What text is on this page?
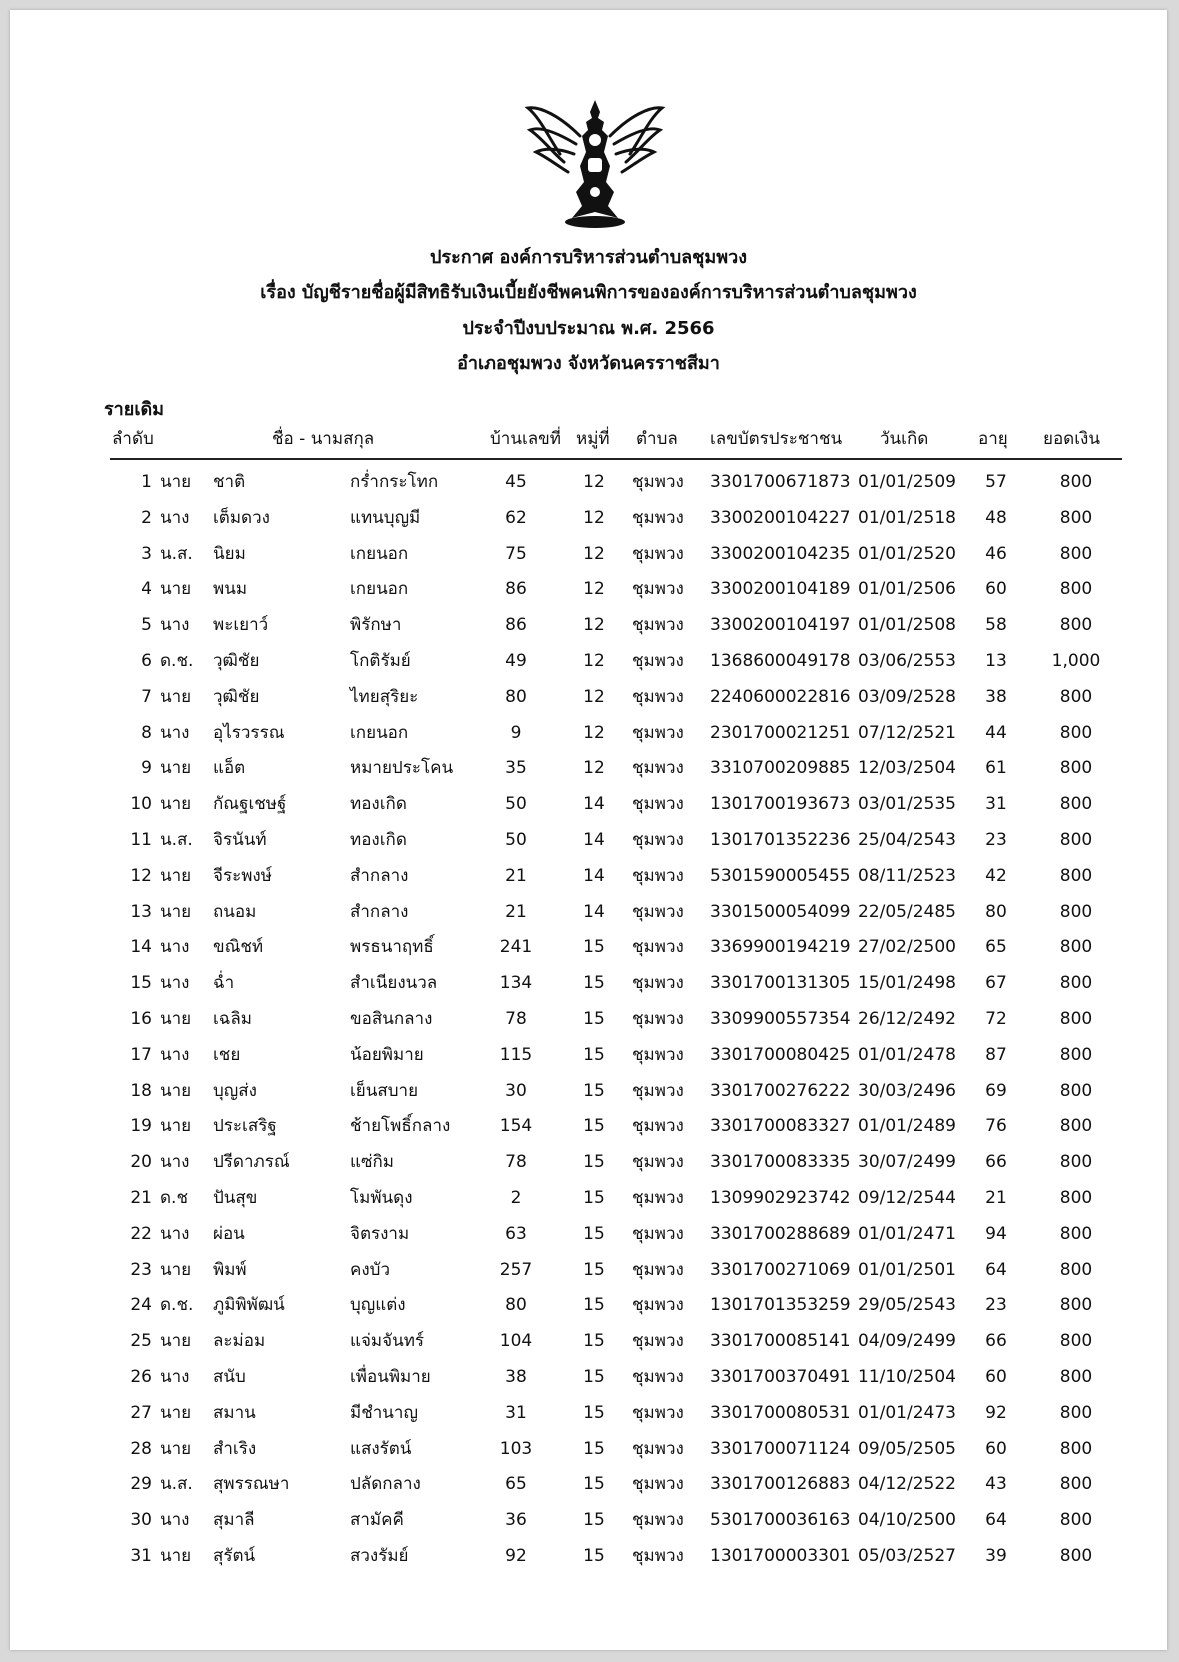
ประกาศ องค์การบริหารส่วนตำบลชุมพวง
เรื่อง บัญชีรายชื่อผู้มีสิทธิรับเงินเบี้ยยังชีพคนพิการขององค์การบริหารส่วนตำบลชุมพวง
ประจำปีงบประมาณ พ.ศ. 2566
อำเภอชุมพวง จังหวัดนครราชสีมา
รายเดิม
ลำดับ	ชื่อ - นามสกุล	บ้านเลขที่ หมู่ที่ ตำบล เลขบัตรประชาชน วันเกิด	อายุ ยอดเงิน
1 นาย ชาติ	กร่ำกระโทก	45	12	ชุมพวง 3301700671873 01/01/2509	57	800
2 นาง เต็มดวง	แทนบุญมี	62	12	ชุมพวง 3300200104227 01/01/2518	48	800
3 น.ส. นิยม	เกยนอก	75	12	ชุมพวง 3300200104235 01/01/2520	46	800
4 นาย พนม	เกยนอก	86	12	ชุมพวง 3300200104189 01/01/2506	60	800
5 นาง พะเยาว์	พิรักษา	86	12	ชุมพวง 3300200104197 01/01/2508	58	800
6 ด.ช. วุฒิชัย	โกติรัมย์	49	12	ชุมพวง 1368600049178 03/06/2553	13	1,000
7 นาย วุฒิชัย	ไทยสุริยะ	80	12	ชุมพวง 2240600022816 03/09/2528	38	800
8 นาง อุไรวรรณ	เกยนอก	9	12	ชุมพวง 2301700021251 07/12/2521	44	800
9 นาย แอ็ต	หมายประโคน	35	12	ชุมพวง 3310700209885 12/03/2504	61	800
10 นาย กัณฐเชษฐ์	ทองเกิด	50	14	ชุมพวง 1301700193673 03/01/2535	31	800
11 น.ส. จิรนันท์	ทองเกิด	50	14	ชุมพวง 1301701352236 25/04/2543	23	800
12 นาย จีระพงษ์	สำกลาง	21	14	ชุมพวง 5301590005455 08/11/2523	42	800
13 นาย ถนอม	สำกลาง	21	14	ชุมพวง 3301500054099 22/05/2485	80	800
14 นาง ขณิชท์	พรธนาฤทธิ์	241	15	ชุมพวง 3369900194219 27/02/2500	65	800
15 นาง ฉ่ำ	สำเนียงนวล	134	15	ชุมพวง 3301700131305 15/01/2498	67	800
16 นาย เฉลิม	ขอสินกลาง	78	15	ชุมพวง 3309900557354 26/12/2492	72	800
17 นาง เชย	น้อยพิมาย	115	15	ชุมพวง 3301700080425 01/01/2478	87	800
18 นาย บุญส่ง	เย็นสบาย	30	15	ชุมพวง 3301700276222 30/03/2496	69	800
19 นาย ประเสริฐ	ช้ายโพธิ์กลาง	154	15	ชุมพวง 3301700083327 01/01/2489	76	800
20 นาง ปรีดาภรณ์	แซ่กิม	78	15	ชุมพวง 3301700083335 30/07/2499	66	800
21 ด.ช ปันสุข	โมพันดุง	2	15	ชุมพวง 1309902923742 09/12/2544	21	800
22 นาง ผ่อน	จิตรงาม	63	15	ชุมพวง 3301700288689 01/01/2471	94	800
23 นาย พิมพ์	คงบัว	257	15	ชุมพวง 3301700271069 01/01/2501	64	800
24 ด.ช. ภูมิพิพัฒน์	บุญแต่ง	80	15	ชุมพวง 1301701353259 29/05/2543	23	800
25 นาย ละม่อม	แจ่มจันทร์	104	15	ชุมพวง 3301700085141 04/09/2499	66	800
26 นาง สนับ	เพื่อนพิมาย	38	15	ชุมพวง 3301700370491 11/10/2504	60	800
27 นาย สมาน	มีชำนาญ	31	15	ชุมพวง 3301700080531 01/01/2473	92	800
28 นาย สำเริง	แสงรัตน์	103	15	ชุมพวง 3301700071124 09/05/2505	60	800
29 น.ส. สุพรรณษา	ปลัดกลาง	65	15	ชุมพวง 3301700126883 04/12/2522	43	800
30 นาง สุมาลี	สามัคคี	36	15	ชุมพวง 5301700036163 04/10/2500	64	800
31 นาย สุรัตน์	สวงรัมย์	92	15	ชุมพวง 1301700003301 05/03/2527	39	800
